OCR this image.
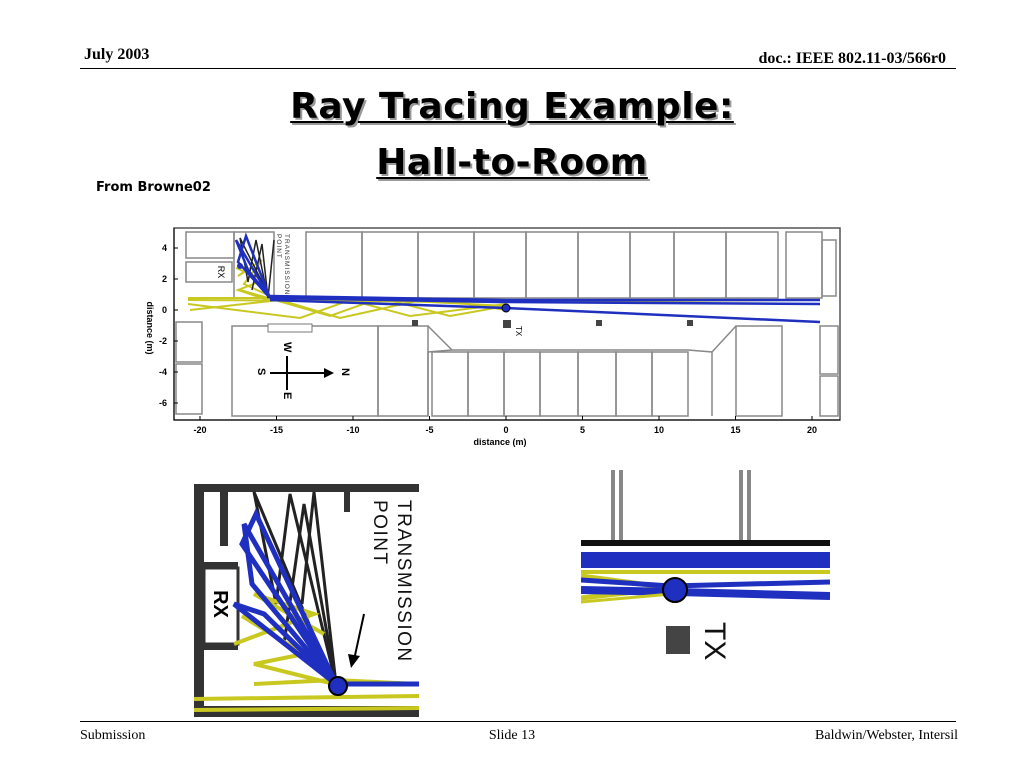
July 2003	doc.: IEEE 802.11-03/566r0
Ray Tracing Example:
Hall-to-Room
From Browne02
RX
TX
TRANSMISSION
POINT
N
S
W
E
-20	-15	-10	-5	0	5	10	15	20
4
2
0
-2
-4
-6
distance (m)
distance (m)
RX	TRANSMISSION
POINT
TX
Submission	Slide 13	Baldwin/Webster, Intersil
